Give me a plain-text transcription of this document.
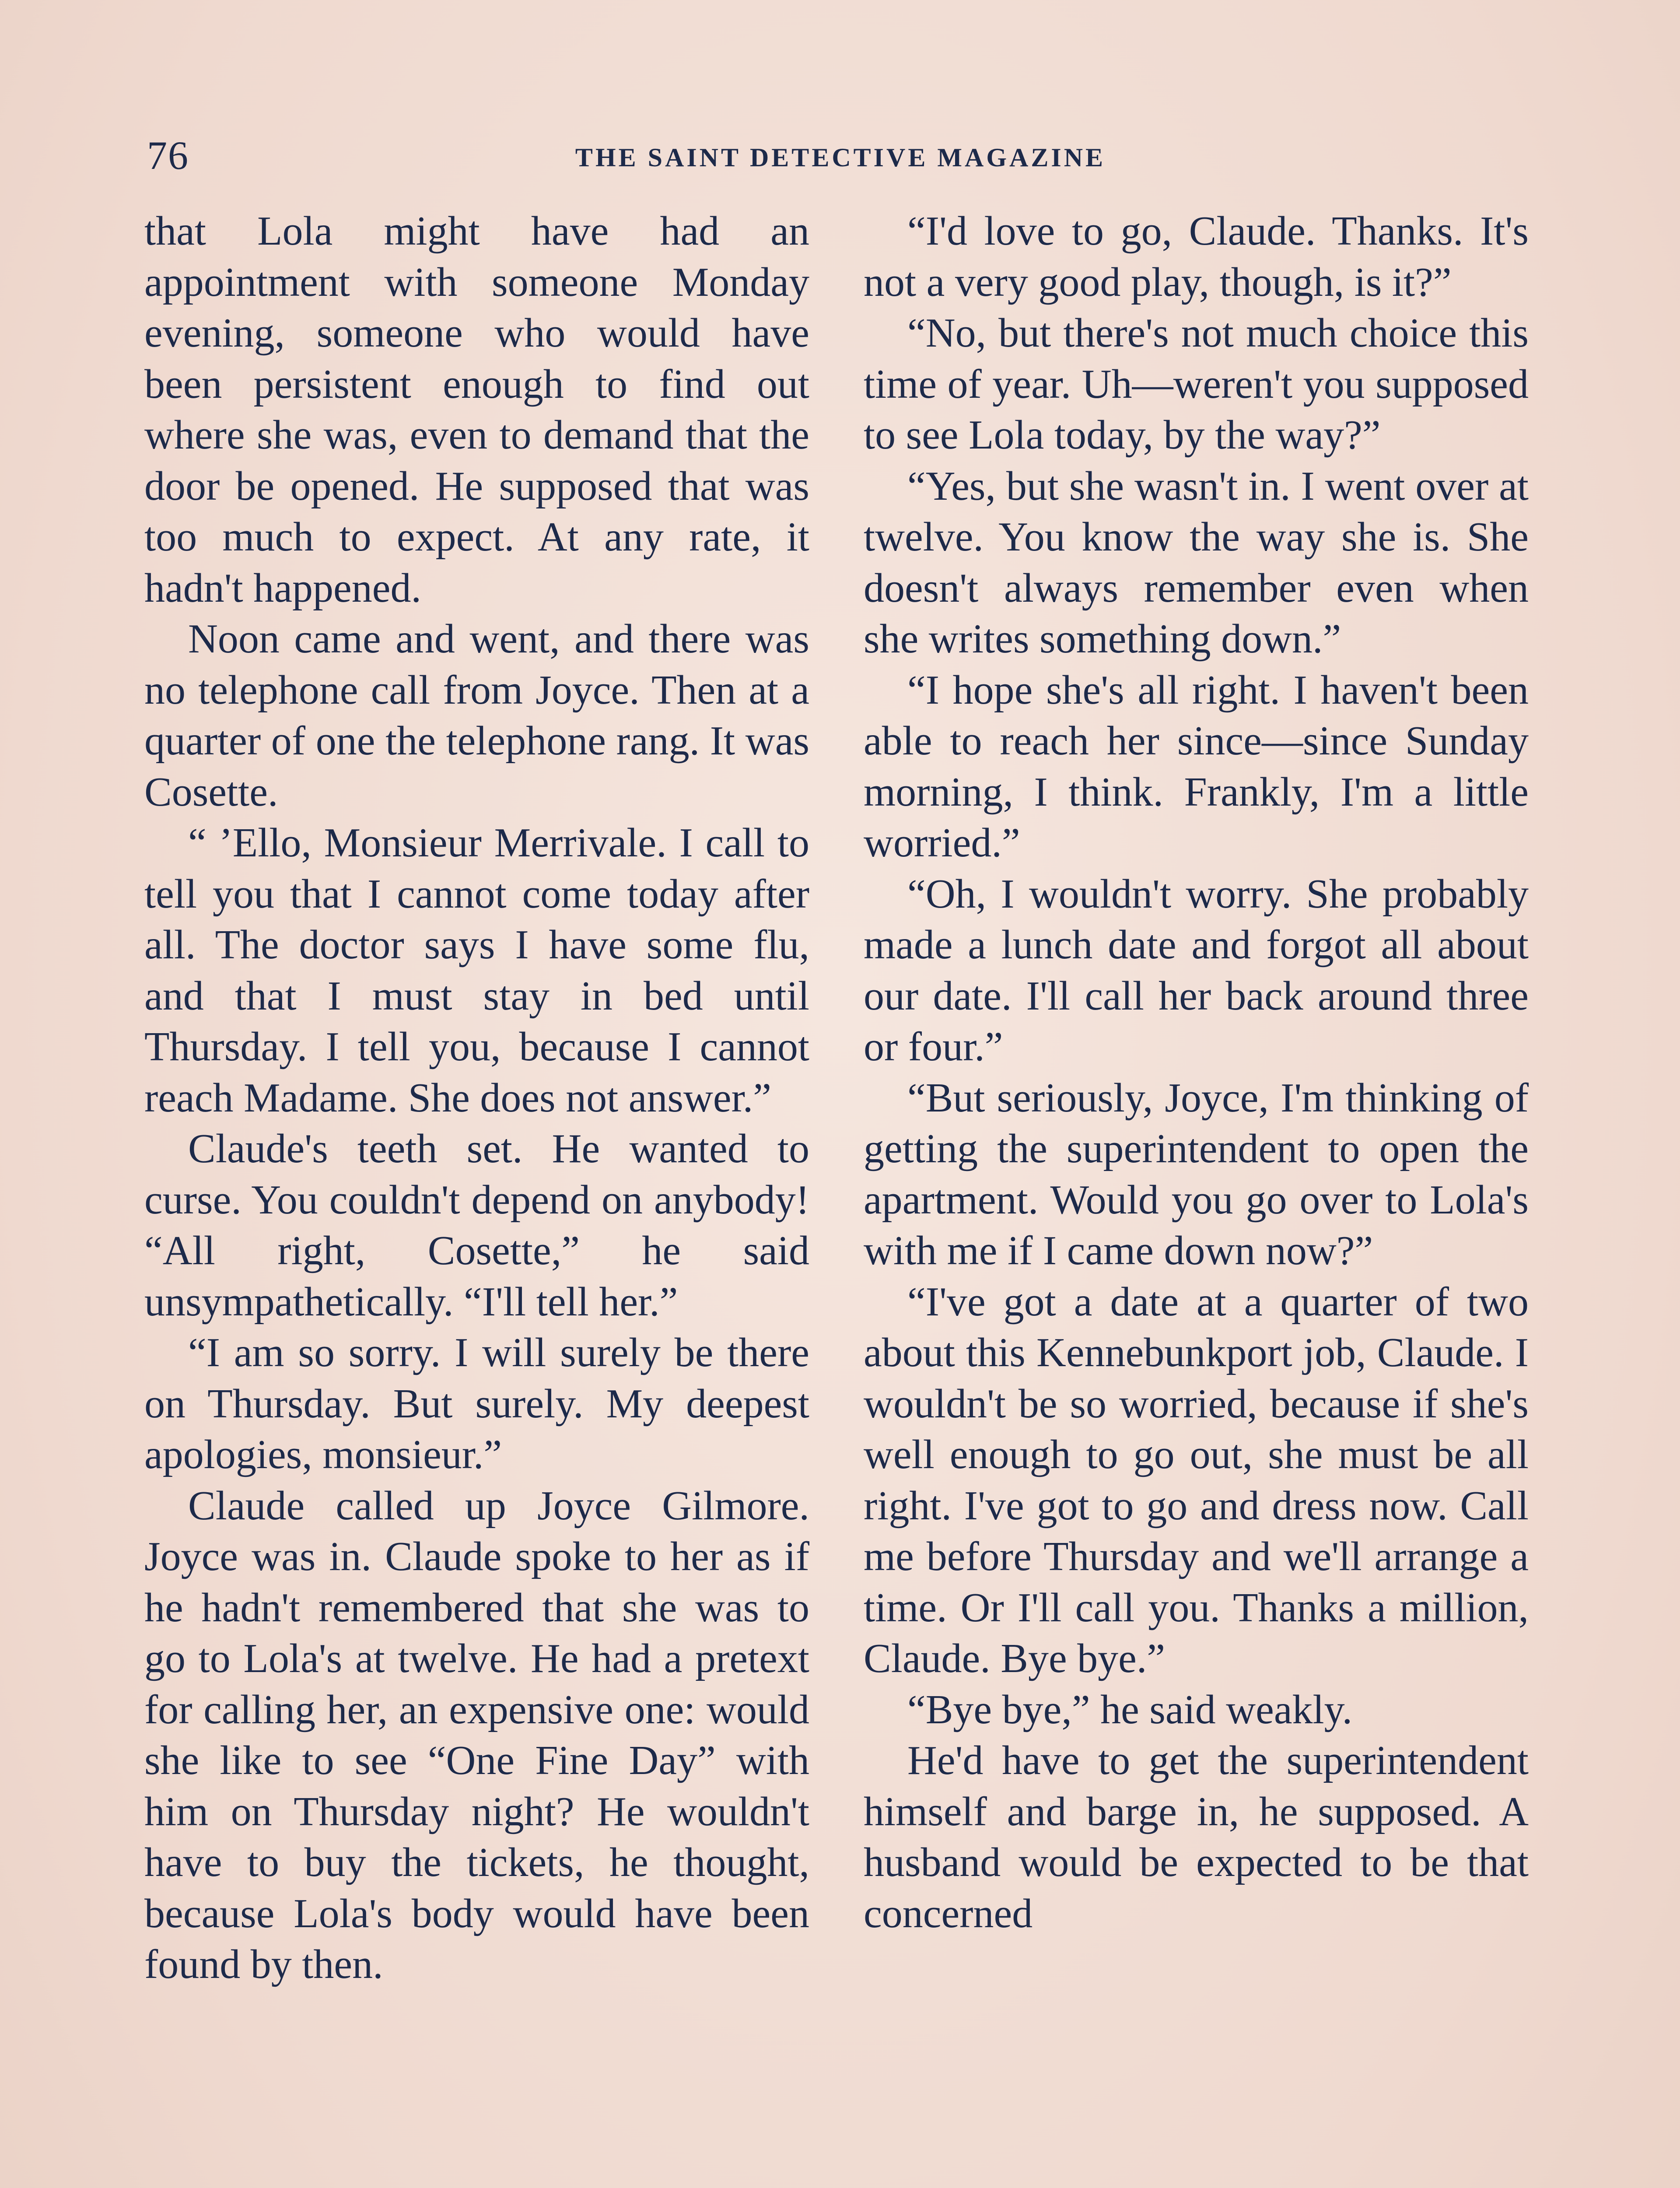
76	THE SAINT DETECTIVE MAGAZINE

that Lola might have had an appointment with someone Monday evening, someone who would have been persistent enough to find out where she was, even to demand that the door be opened. He supposed that was too much to expect. At any rate, it hadn't happened.

Noon came and went, and there was no telephone call from Joyce. Then at a quarter of one the telephone rang. It was Cosette.

“ ’Ello, Monsieur Merrivale. I call to tell you that I cannot come today after all. The doctor says I have some flu, and that I must stay in bed until Thursday. I tell you, because I cannot reach Madame. She does not answer.”

Claude's teeth set. He wanted to curse. You couldn't depend on anybody! “All right, Cosette,” he said unsympathetically. “I'll tell her.”

“I am so sorry. I will surely be there on Thursday. But surely. My deepest apologies, monsieur.”

Claude called up Joyce Gilmore. Joyce was in. Claude spoke to her as if he hadn't remembered that she was to go to Lola's at twelve. He had a pretext for calling her, an expensive one: would she like to see “One Fine Day” with him on Thursday night? He wouldn't have to buy the tickets, he thought, because Lola's body would have been found by then.

“I'd love to go, Claude. Thanks. It's not a very good play, though, is it?”

“No, but there's not much choice this time of year. Uh—weren't you supposed to see Lola today, by the way?”

“Yes, but she wasn't in. I went over at twelve. You know the way she is. She doesn't always remember even when she writes something down.”

“I hope she's all right. I haven't been able to reach her since—since Sunday morning, I think. Frankly, I'm a little worried.”

“Oh, I wouldn't worry. She probably made a lunch date and forgot all about our date. I'll call her back around three or four.”

“But seriously, Joyce, I'm thinking of getting the superintendent to open the apartment. Would you go over to Lola's with me if I came down now?”

“I've got a date at a quarter of two about this Kennebunkport job, Claude. I wouldn't be so worried, because if she's well enough to go out, she must be all right. I've got to go and dress now. Call me before Thursday and we'll arrange a time. Or I'll call you. Thanks a million, Claude. Bye bye.”

“Bye bye,” he said weakly.

He'd have to get the superintendent himself and barge in, he supposed. A husband would be expected to be that concerned
